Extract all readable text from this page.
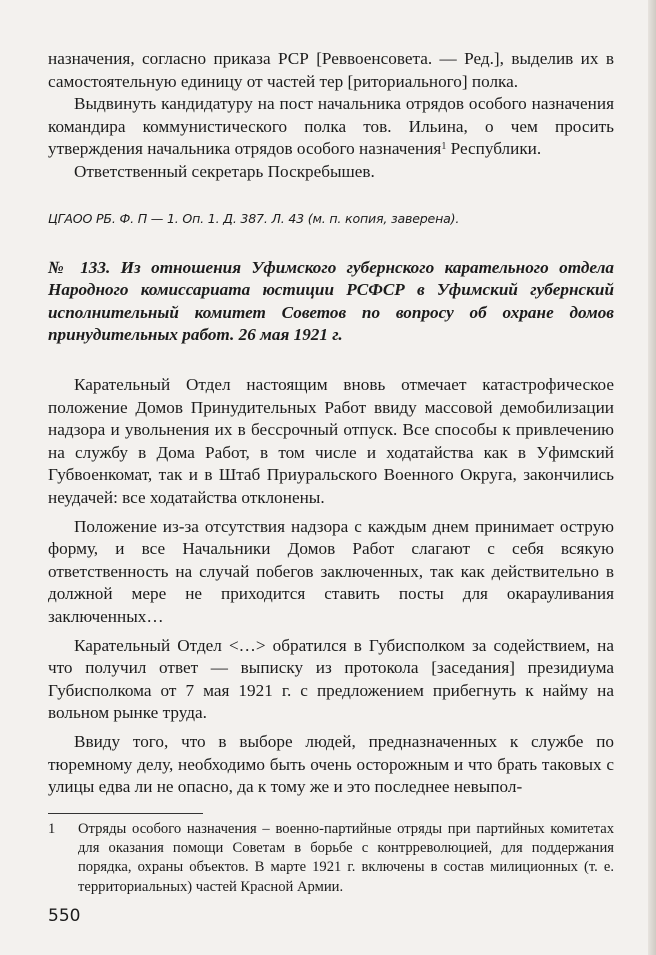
назначения, согласно приказа РСР [Реввоенсовета. — Ред.], выделив их в самостоятельную единицу от частей тер [риториального] полка.

Выдвинуть кандидатуру на пост начальника отрядов особого назначения командира коммунистического полка тов. Ильина, о чем просить утверждения начальника отрядов особого назначения$^1$ Республики.

Ответственный секретарь Поскребышев.

ЦГАОО РБ. Ф. П — 1. Оп. 1. Д. 387. Л. 43 (м. п. копия, заверена).
№ 133. Из отношения Уфимского губернского карательного отдела Народного комиссариата юстиции РСФСР в Уфимский губернский исполнительный комитет Советов по вопросу об охране домов принудительных работ. 26 мая 1921 г.

Карательный Отдел настоящим вновь отмечает катастрофическое положение Домов Принудительных Работ ввиду массовой демобилизации надзора и увольнения их в бессрочный отпуск. Все способы к привлечению на службу в Дома Работ, в том числе и ходатайства как в Уфимский Губвоенкомат, так и в Штаб Приуральского Военного Округа, закончились неудачей: все ходатайства отклонены.

Положение из-за отсутствия надзора с каждым днем принимает острую форму, и все Начальники Домов Работ слагают с себя всякую ответственность на случай побегов заключенных, так как действительно в должной мере не приходится ставить посты для окарауливания заключенных…

Карательный Отдел <…> обратился в Губисполком за содействием, на что получил ответ — выписку из протокола [заседания] президиума Губисполкома от 7 мая 1921 г. с предложением прибегнуть к найму на вольном рынке труда.

Ввиду того, что в выборе людей, предназначенных к службе по тюремному делу, необходимо быть очень осторожным и что брать таковых с улицы едва ли не опасно, да к тому же и это последнее невыпол-

1 Отряды особого назначения – военно-партийные отряды при партийных комитетах для оказания помощи Советам в борьбе с контрреволюцией, для поддержания порядка, охраны объектов. В марте 1921 г. включены в состав милиционных (т. е. территориальных) частей Красной Армии.
550
